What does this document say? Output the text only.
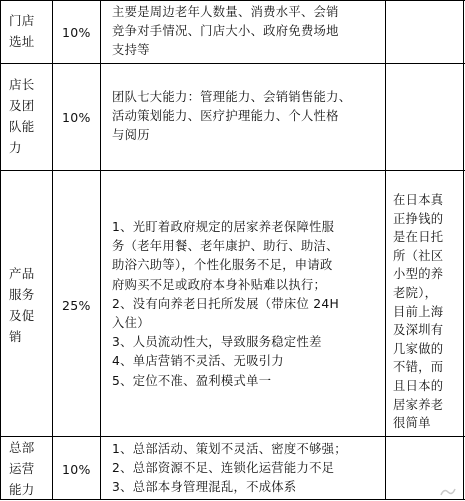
门店
选址
10%
主要是周边老年人数量、消费水平、会销
竞争对手情况、门店大小、政府免费场地
支持等
店长
及团
队能
力
10%
团队七大能力：管理能力、会销销售能力、
活动策划能力、医疗护理能力、个人性格
与阅历
产品
服务
及促
销
25%
1、光盯着政府规定的居家养老保障性服
务（老年用餐、老年康护、助行、助洁、
助浴六助等），个性化服务不足，申请政
府购买不足或政府本身补贴难以执行；
2、没有向养老日托所发展（带床位 24H
入住）
3、人员流动性大，导致服务稳定性差
4、单店营销不灵活、无吸引力
5、定位不准、盈利模式单一
在日本真
正挣钱的
是在日托
所（社区
小型的养
老院），
目前上海
及深圳有
几家做的
不错，而
且日本的
居家养老
很简单
总部
运营
能力
10%
1、总部活动、策划不灵活、密度不够强；
2、总部资源不足、连锁化运营能力不足
3、总部本身管理混乱，不成体系
